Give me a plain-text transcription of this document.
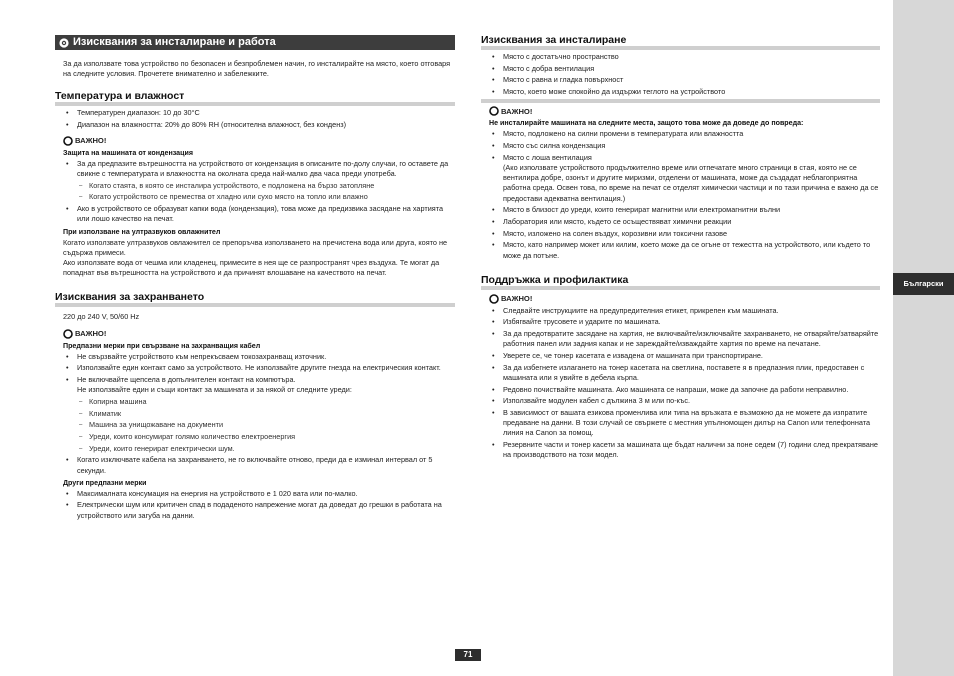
Български
Изисквания за инсталиране и работа

За да използвате това устройство по безопасен и безпроблемен начин, го инсталирайте на място, което отговаря на следните условия. Прочетете внимателно и забележките.

Температура и влажност
• Температурен диапазон: 10 до 30°C
• Диапазон на влажността: 20% до 80% RH (относителна влажност, без конденз)
ВАЖНО!
Защита на машината от кондензация
• За да предпазите вътрешността на устройството от кондензация в описаните по-долу случаи, го оставете да свикне с температурата и влажността на околната среда най-малко два часа преди употреба.
– Когато стаята, в която се инсталира устройството, е подложена на бързо затопляне
– Когато устройството се премества от хладно или сухо място на топло или влажно
• Ако в устройството се образуват капки вода (кондензация), това може да предизвика засядане на хартията или лошо качество на печат.
При използване на ултразвуков овлажнител

Когато използвате ултразвуков овлажнител се препоръчва използването на пречистена вода или друга, която не съдържа примеси.

Ако използвате вода от чешма или кладенец, примесите в нея ще се разпространят чрез въздуха. Те могат да попаднат във вътрешността на устройството и да причинят влошаване на качеството на печат.

Изисквания за захранването

220 до 240 V, 50/60 Hz

ВАЖНО!
Предпазни мерки при свързване на захранващия кабел
• Не свързвайте устройството към непрекъсваем токозахранващ източник.
• Използвайте един контакт само за устройството. Не използвайте другите гнезда на електрическия контакт.
• Не включвайте щепсела в допълнителен контакт на компютъра.
Не използвайте един и същи контакт за машината и за някой от следните уреди:
– Копирна машина
– Климатик
– Машина за унищожаване на документи
– Уреди, които консумират голямо количество електроенергия
– Уреди, които генерират електрически шум.
• Когато изключвате кабела на захранването, не го включвайте отново, преди да е изминал интервал от 5 секунди.
Други предпазни мерки
• Максималната консумация на енергия на устройството е 1 020 вата или по-малко.
• Електрически шум или критичен спад в подаденото напрежение могат да доведат до грешки в работата на устройството или загуба на данни.
Изисквания за инсталиране
• Място с достатъчно пространство
• Място с добра вентилация
• Място с равна и гладка повърхност
• Място, което може спокойно да издържи теглото на устройството
ВАЖНО!
Не инсталирайте машината на следните места, защото това може да доведе до повреда:
• Място, подложено на силни промени в температурата или влажността
• Място със силна кондензация
• Място с лоша вентилация
(Ако използвате устройството продължително време или отпечатате много страници в стая, която не се вентилира добре, озонът и другите миризми, отделени от машината, може да създадат неблагоприятна работна среда. Освен това, по време на печат се отделят химически частици и по тази причина е важно да се предостави адекватна вентилация.)
• Място в близост до уреди, които генерират магнитни или електромагнитни вълни
• Лаборатория или място, където се осъществяват химични реакции
• Място, изложено на солен въздух, корозивни или токсични газове
• Място, като например мокет или килим, което може да се огъне от тежестта на устройството, или където то може да потъне.
Поддръжка и профилактика
ВАЖНО!
• Следвайте инструкциите на предупредителния етикет, прикрепен към машината.
• Избягвайте трусовете и ударите по машината.
• За да предотвратите засядане на хартия, не включвайте/изключвайте захранването, не отваряйте/затваряйте работния панел или задния капак и не зареждайте/изваждайте хартия по време на печатане.
• Уверете се, че тонер касетата е извадена от машината при транспортиране.
• За да избегнете излагането на тонер касетата на светлина, поставете я в предпазния плик, предоставен с машината или я увийте в дебела кърпа.
• Редовно почиствайте машината. Ако машината се напраши, може да започне да работи неправилно.
• Използвайте модулен кабел с дължина 3 м или по-къс.
• В зависимост от вашата езикова променлива или типа на връзката е възможно да не можете да изпратите предаване на данни. В този случай се свържете с местния упълномощен дилър на Canon или телефонната линия на Canon за помощ.
• Резервните части и тонер касети за машината ще бъдат налични за поне седем (7) години след прекратяване на производството на този модел.
71
